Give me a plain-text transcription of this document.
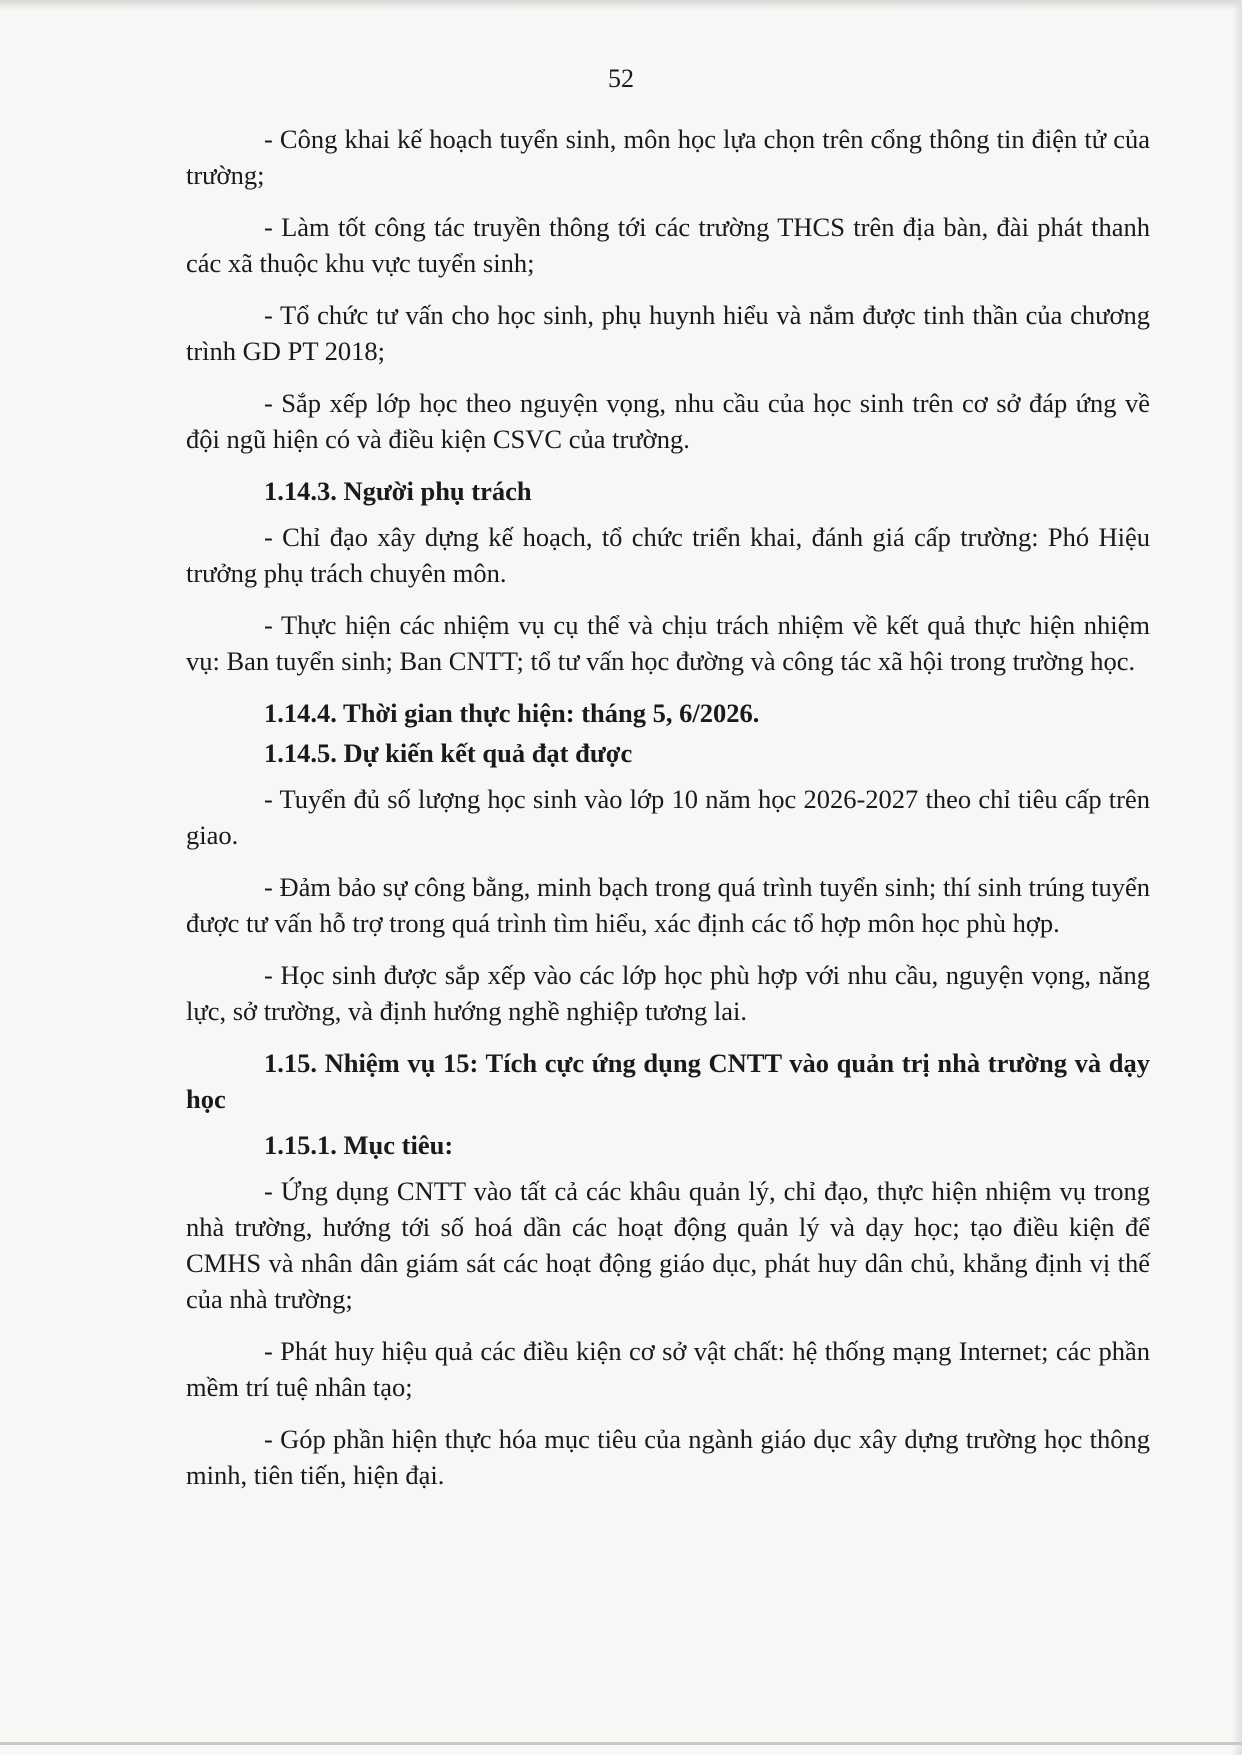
52

- Công khai kế hoạch tuyển sinh, môn học lựa chọn trên cổng thông tin điện tử của trường;

- Làm tốt công tác truyền thông tới các trường THCS trên địa bàn, đài phát thanh các xã thuộc khu vực tuyển sinh;

- Tổ chức tư vấn cho học sinh, phụ huynh hiểu và nắm được tinh thần của chương trình GD PT 2018;

- Sắp xếp lớp học theo nguyện vọng, nhu cầu của học sinh trên cơ sở đáp ứng về đội ngũ hiện có và điều kiện CSVC của trường.

1.14.3. Người phụ trách

- Chỉ đạo xây dựng kế hoạch, tổ chức triển khai, đánh giá cấp trường: Phó Hiệu trưởng phụ trách chuyên môn.

- Thực hiện các nhiệm vụ cụ thể và chịu trách nhiệm về kết quả thực hiện nhiệm vụ: Ban tuyển sinh; Ban CNTT; tổ tư vấn học đường và công tác xã hội trong trường học.

1.14.4. Thời gian thực hiện: tháng 5, 6/2026.

1.14.5. Dự kiến kết quả đạt được

- Tuyển đủ số lượng học sinh vào lớp 10 năm học 2026-2027 theo chỉ tiêu cấp trên giao.

- Đảm bảo sự công bằng, minh bạch trong quá trình tuyển sinh; thí sinh trúng tuyển được tư vấn hỗ trợ trong quá trình tìm hiểu, xác định các tổ hợp môn học phù hợp.

- Học sinh được sắp xếp vào các lớp học phù hợp với nhu cầu, nguyện vọng, năng lực, sở trường, và định hướng nghề nghiệp tương lai.

1.15. Nhiệm vụ 15: Tích cực ứng dụng CNTT vào quản trị nhà trường và dạy học

1.15.1. Mục tiêu:

- Ứng dụng CNTT vào tất cả các khâu quản lý, chỉ đạo, thực hiện nhiệm vụ trong nhà trường, hướng tới số hoá dần các hoạt động quản lý và dạy học; tạo điều kiện để CMHS và nhân dân giám sát các hoạt động giáo dục, phát huy dân chủ, khẳng định vị thế của nhà trường;

- Phát huy hiệu quả các điều kiện cơ sở vật chất: hệ thống mạng Internet; các phần mềm trí tuệ nhân tạo;

- Góp phần hiện thực hóa mục tiêu của ngành giáo dục xây dựng trường học thông minh, tiên tiến, hiện đại.
